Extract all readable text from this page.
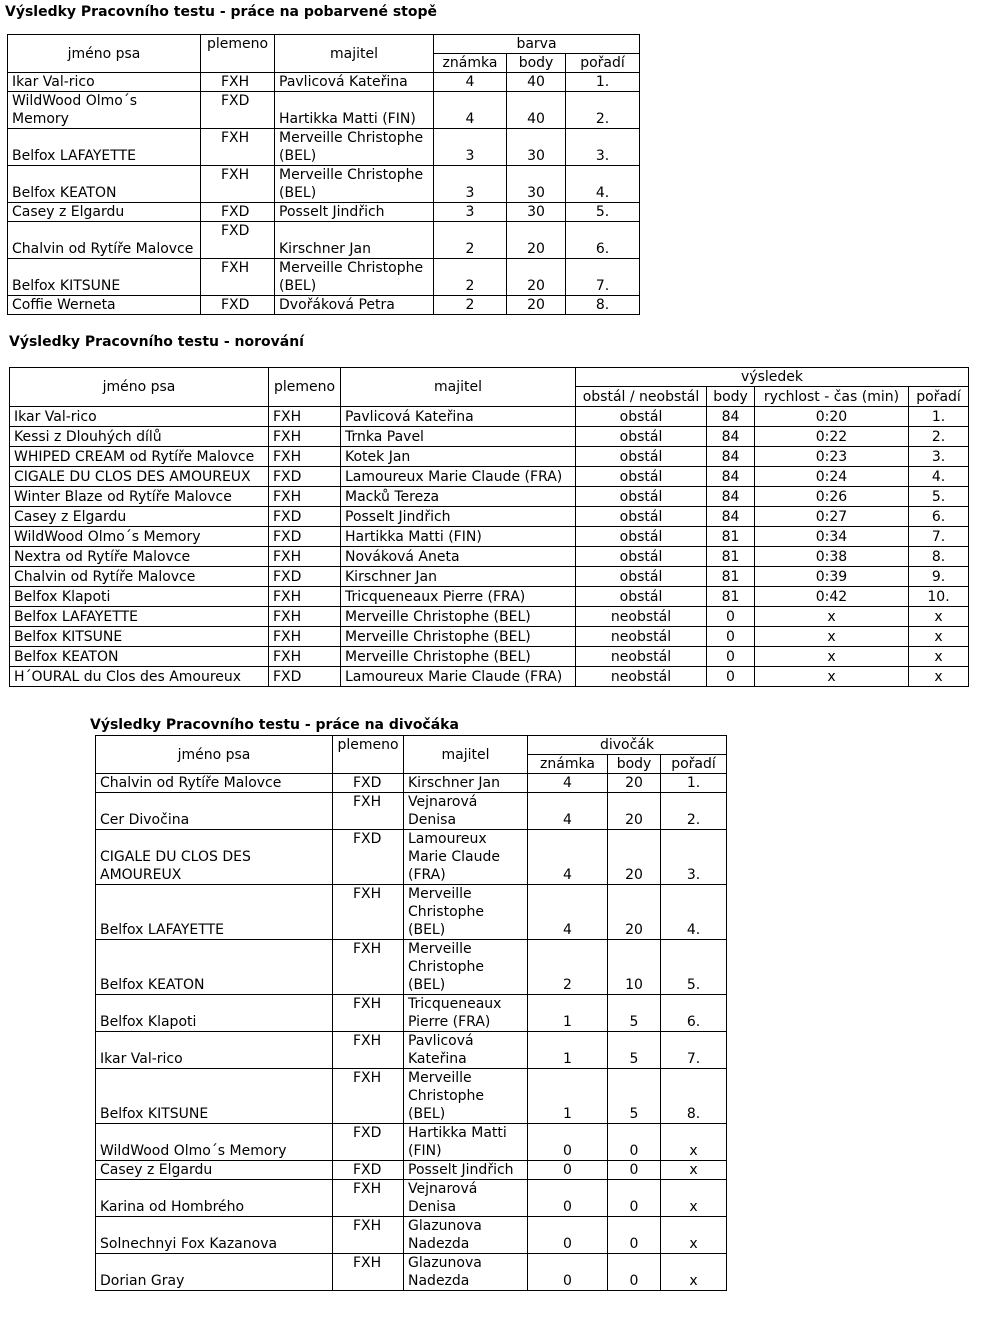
Výsledky Pracovního testu - práce na pobarvené stopě
jméno psa	plemeno	majitel	barva		
			známka	body	pořadí
Ikar Val-rico	FXH	Pavlicová Kateřina	4	40	1.
WildWood Olmo´s Memory	FXD	Hartikka Matti (FIN)	4	40	2.
Belfox LAFAYETTE	FXH	Merveille Christophe (BEL)	3	30	3.
Belfox KEATON	FXH	Merveille Christophe (BEL)	3	30	4.
Casey z Elgardu	FXD	Posselt Jindřich	3	30	5.
Chalvin od Rytíře Malovce	FXD	Kirschner Jan	2	20	6.
Belfox KITSUNE	FXH	Merveille Christophe (BEL)	2	20	7.
Coffie Werneta	FXD	Dvořáková Petra	2	20	8.
Výsledky Pracovního testu - norování
jméno psa	plemeno	majitel	výsledek			
			obstál / neobstál	body	rychlost - čas (min)	pořadí
Ikar Val-rico	FXH	Pavlicová Kateřina	obstál	84	0:20	1.
Kessi z Dlouhých dílů	FXH	Trnka Pavel	obstál	84	0:22	2.
WHIPED CREAM od Rytíře Malovce	FXH	Kotek Jan	obstál	84	0:23	3.
CIGALE DU CLOS DES AMOUREUX	FXD	Lamoureux Marie Claude (FRA)	obstál	84	0:24	4.
Winter Blaze od Rytíře Malovce	FXH	Macků Tereza	obstál	84	0:26	5.
Casey z Elgardu	FXD	Posselt Jindřich	obstál	84	0:27	6.
WildWood Olmo´s Memory	FXD	Hartikka Matti (FIN)	obstál	81	0:34	7.
Nextra od Rytíře Malovce	FXH	Nováková Aneta	obstál	81	0:38	8.
Chalvin od Rytíře Malovce	FXD	Kirschner Jan	obstál	81	0:39	9.
Belfox Klapoti	FXH	Tricqueneaux Pierre (FRA)	obstál	81	0:42	10.
Belfox LAFAYETTE	FXH	Merveille Christophe (BEL)	neobstál	0	x	x
Belfox KITSUNE	FXH	Merveille Christophe (BEL)	neobstál	0	x	x
Belfox KEATON	FXH	Merveille Christophe (BEL)	neobstál	0	x	x
H´OURAL du Clos des Amoureux	FXD	Lamoureux Marie Claude (FRA)	neobstál	0	x	x
Výsledky Pracovního testu - práce na divočáka
jméno psa	plemeno	majitel	divočák		
			známka	body	pořadí
Chalvin od Rytíře Malovce	FXD	Kirschner Jan	4	20	1.
Cer Divočina	FXH	Vejnarová Denisa	4	20	2.
CIGALE DU CLOS DES AMOUREUX	FXD	Lamoureux Marie Claude (FRA)	4	20	3.
Belfox LAFAYETTE	FXH	Merveille Christophe (BEL)	4	20	4.
Belfox KEATON	FXH	Merveille Christophe (BEL)	2	10	5.
Belfox Klapoti	FXH	Tricqueneaux Pierre (FRA)	1	5	6.
Ikar Val-rico	FXH	Pavlicová Kateřina	1	5	7.
Belfox KITSUNE	FXH	Merveille Christophe (BEL)	1	5	8.
WildWood Olmo´s Memory	FXD	Hartikka Matti (FIN)	0	0	x
Casey z Elgardu	FXD	Posselt Jindřich	0	0	x
Karina od Hombrého	FXH	Vejnarová Denisa	0	0	x
Solnechnyi Fox Kazanova	FXH	Glazunova Nadezda	0	0	x
Dorian Gray	FXH	Glazunova Nadezda	0	0	x
